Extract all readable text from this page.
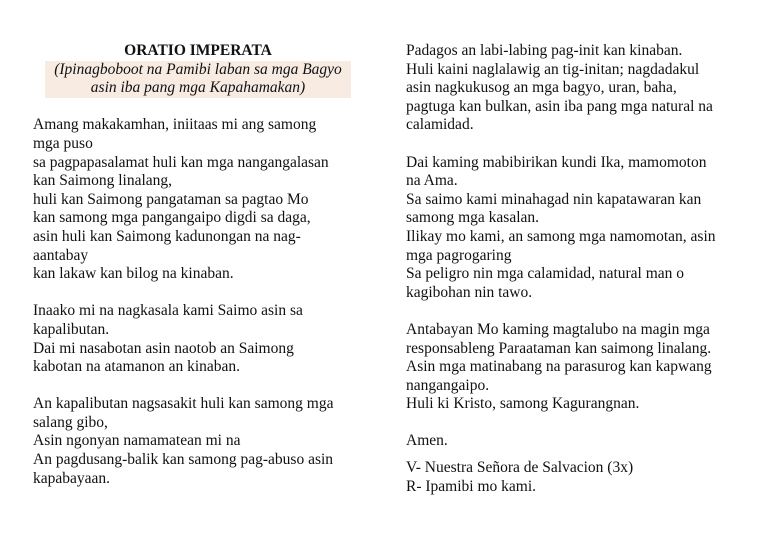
ORATIO IMPERATA
(Ipinagboboot na Pamibi laban sa mga Bagyo
asin iba pang mga Kapahamakan)
Amang makakamhan, iniitaas mi ang samong
mga puso
sa pagpapasalamat huli kan mga nangangalasan
kan Saimong linalang,
huli kan Saimong pangataman sa pagtao Mo
kan samong mga pangangaipo digdi sa daga,
asin huli kan Saimong kadunongan na nag-
aantabay
kan lakaw kan bilog na kinaban.
Inaako mi na nagkasala kami Saimo asin sa
kapalibutan.
Dai mi nasabotan asin naotob an Saimong
kabotan na atamanon an kinaban.
An kapalibutan nagsasakit huli kan samong mga
salang gibo,
Asin ngonyan namamatean mi na
An pagdusang-balik kan samong pag-abuso asin
kapabayaan.
Padagos an labi-labing pag-init kan kinaban.
Huli kaini naglalawig an tig-initan; nagdadakul
asin nagkukusog an mga bagyo, uran, baha,
pagtuga kan bulkan, asin iba pang mga natural na
calamidad.
Dai kaming mabibirikan kundi Ika, mamomoton
na Ama.
Sa saimo kami minahagad nin kapatawaran kan
samong mga kasalan.
Ilikay mo kami, an samong mga namomotan, asin
mga pagrogaring
Sa peligro nin mga calamidad, natural man o
kagibohan nin tawo.
Antabayan Mo kaming magtalubo na magin mga
responsableng Paraataman kan saimong linalang.
Asin mga matinabang na parasurog kan kapwang
nangangaipo.
Huli ki Kristo, samong Kagurangnan.
Amen.
V- Nuestra Señora de Salvacion (3x)
R- Ipamibi mo kami.
